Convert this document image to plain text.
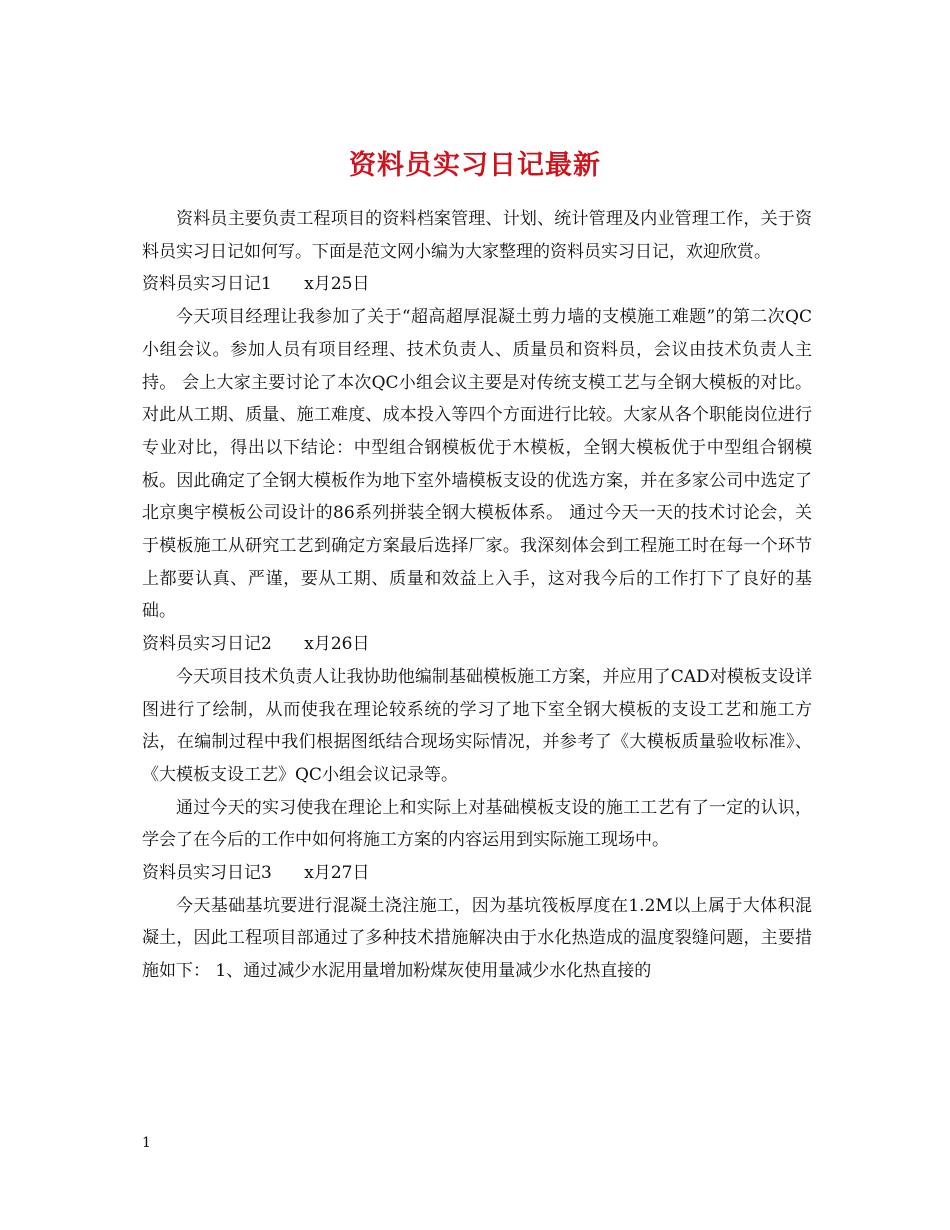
资料员实习日记最新

资料员主要负责工程项目的资料档案管理、计划、统计管理及内业管理工作，关于资料员实习日记如何写。下面是范文网小编为大家整理的资料员实习日记，欢迎欣赏。

资料员实习日记1      x月25日

今天项目经理让我参加了关于“超高超厚混凝土剪力墙的支模施工难题”的第二次QC小组会议。参加人员有项目经理、技术负责人、质量员和资料员，会议由技术负责人主持。 会上大家主要讨论了本次QC小组会议主要是对传统支模工艺与全钢大模板的对比。对此从工期、质量、施工难度、成本投入等四个方面进行比较。大家从各个职能岗位进行专业对比，得出以下结论：中型组合钢模板优于木模板，全钢大模板优于中型组合钢模板。因此确定了全钢大模板作为地下室外墙模板支设的优选方案，并在多家公司中选定了北京奥宇模板公司设计的86系列拼装全钢大模板体系。 通过今天一天的技术讨论会，关于模板施工从研究工艺到确定方案最后选择厂家。我深刻体会到工程施工时在每一个环节上都要认真、严谨，要从工期、质量和效益上入手，这对我今后的工作打下了良好的基础。

资料员实习日记2      x月26日

今天项目技术负责人让我协助他编制基础模板施工方案，并应用了CAD对模板支设详图进行了绘制，从而使我在理论较系统的学习了地下室全钢大模板的支设工艺和施工方法，在编制过程中我们根据图纸结合现场实际情况，并参考了《大模板质量验收标准》、《大模板支设工艺》QC小组会议记录等。

通过今天的实习使我在理论上和实际上对基础模板支设的施工工艺有了一定的认识，学会了在今后的工作中如何将施工方案的内容运用到实际施工现场中。

资料员实习日记3      x月27日

今天基础基坑要进行混凝土浇注施工，因为基坑筏板厚度在1.2M以上属于大体积混凝土，因此工程项目部通过了多种技术措施解决由于水化热造成的温度裂缝问题，主要措施如下： 1、通过减少水泥用量增加粉煤灰使用量减少水化热直接的

1
